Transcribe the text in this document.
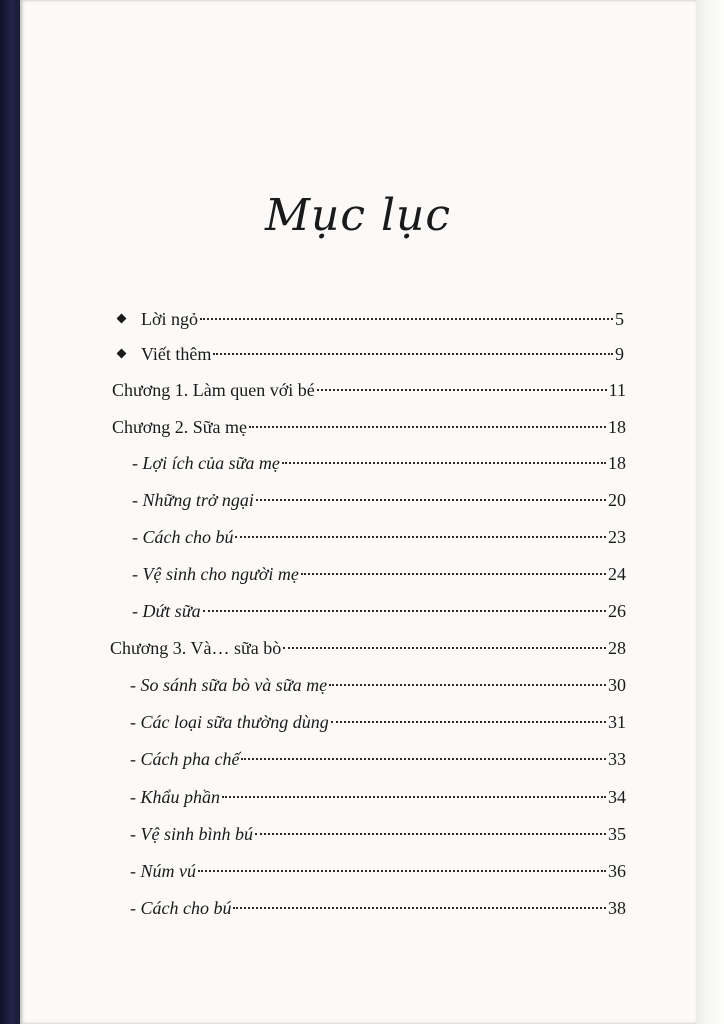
Mục lục
Lời ngỏ	5
Viết thêm	9
Chương 1. Làm quen với bé	11
Chương 2. Sữa mẹ	18
- Lợi ích của sữa mẹ	18
- Những trở ngại	20
- Cách cho bú	23
- Vệ sinh cho người mẹ	24
- Dứt sữa	26
Chương 3. Và… sữa bò	28
- So sánh sữa bò và sữa mẹ	30
- Các loại sữa thường dùng	31
- Cách pha chế	33
- Khẩu phần	34
- Vệ sinh bình bú	35
- Núm vú	36
- Cách cho bú	38
